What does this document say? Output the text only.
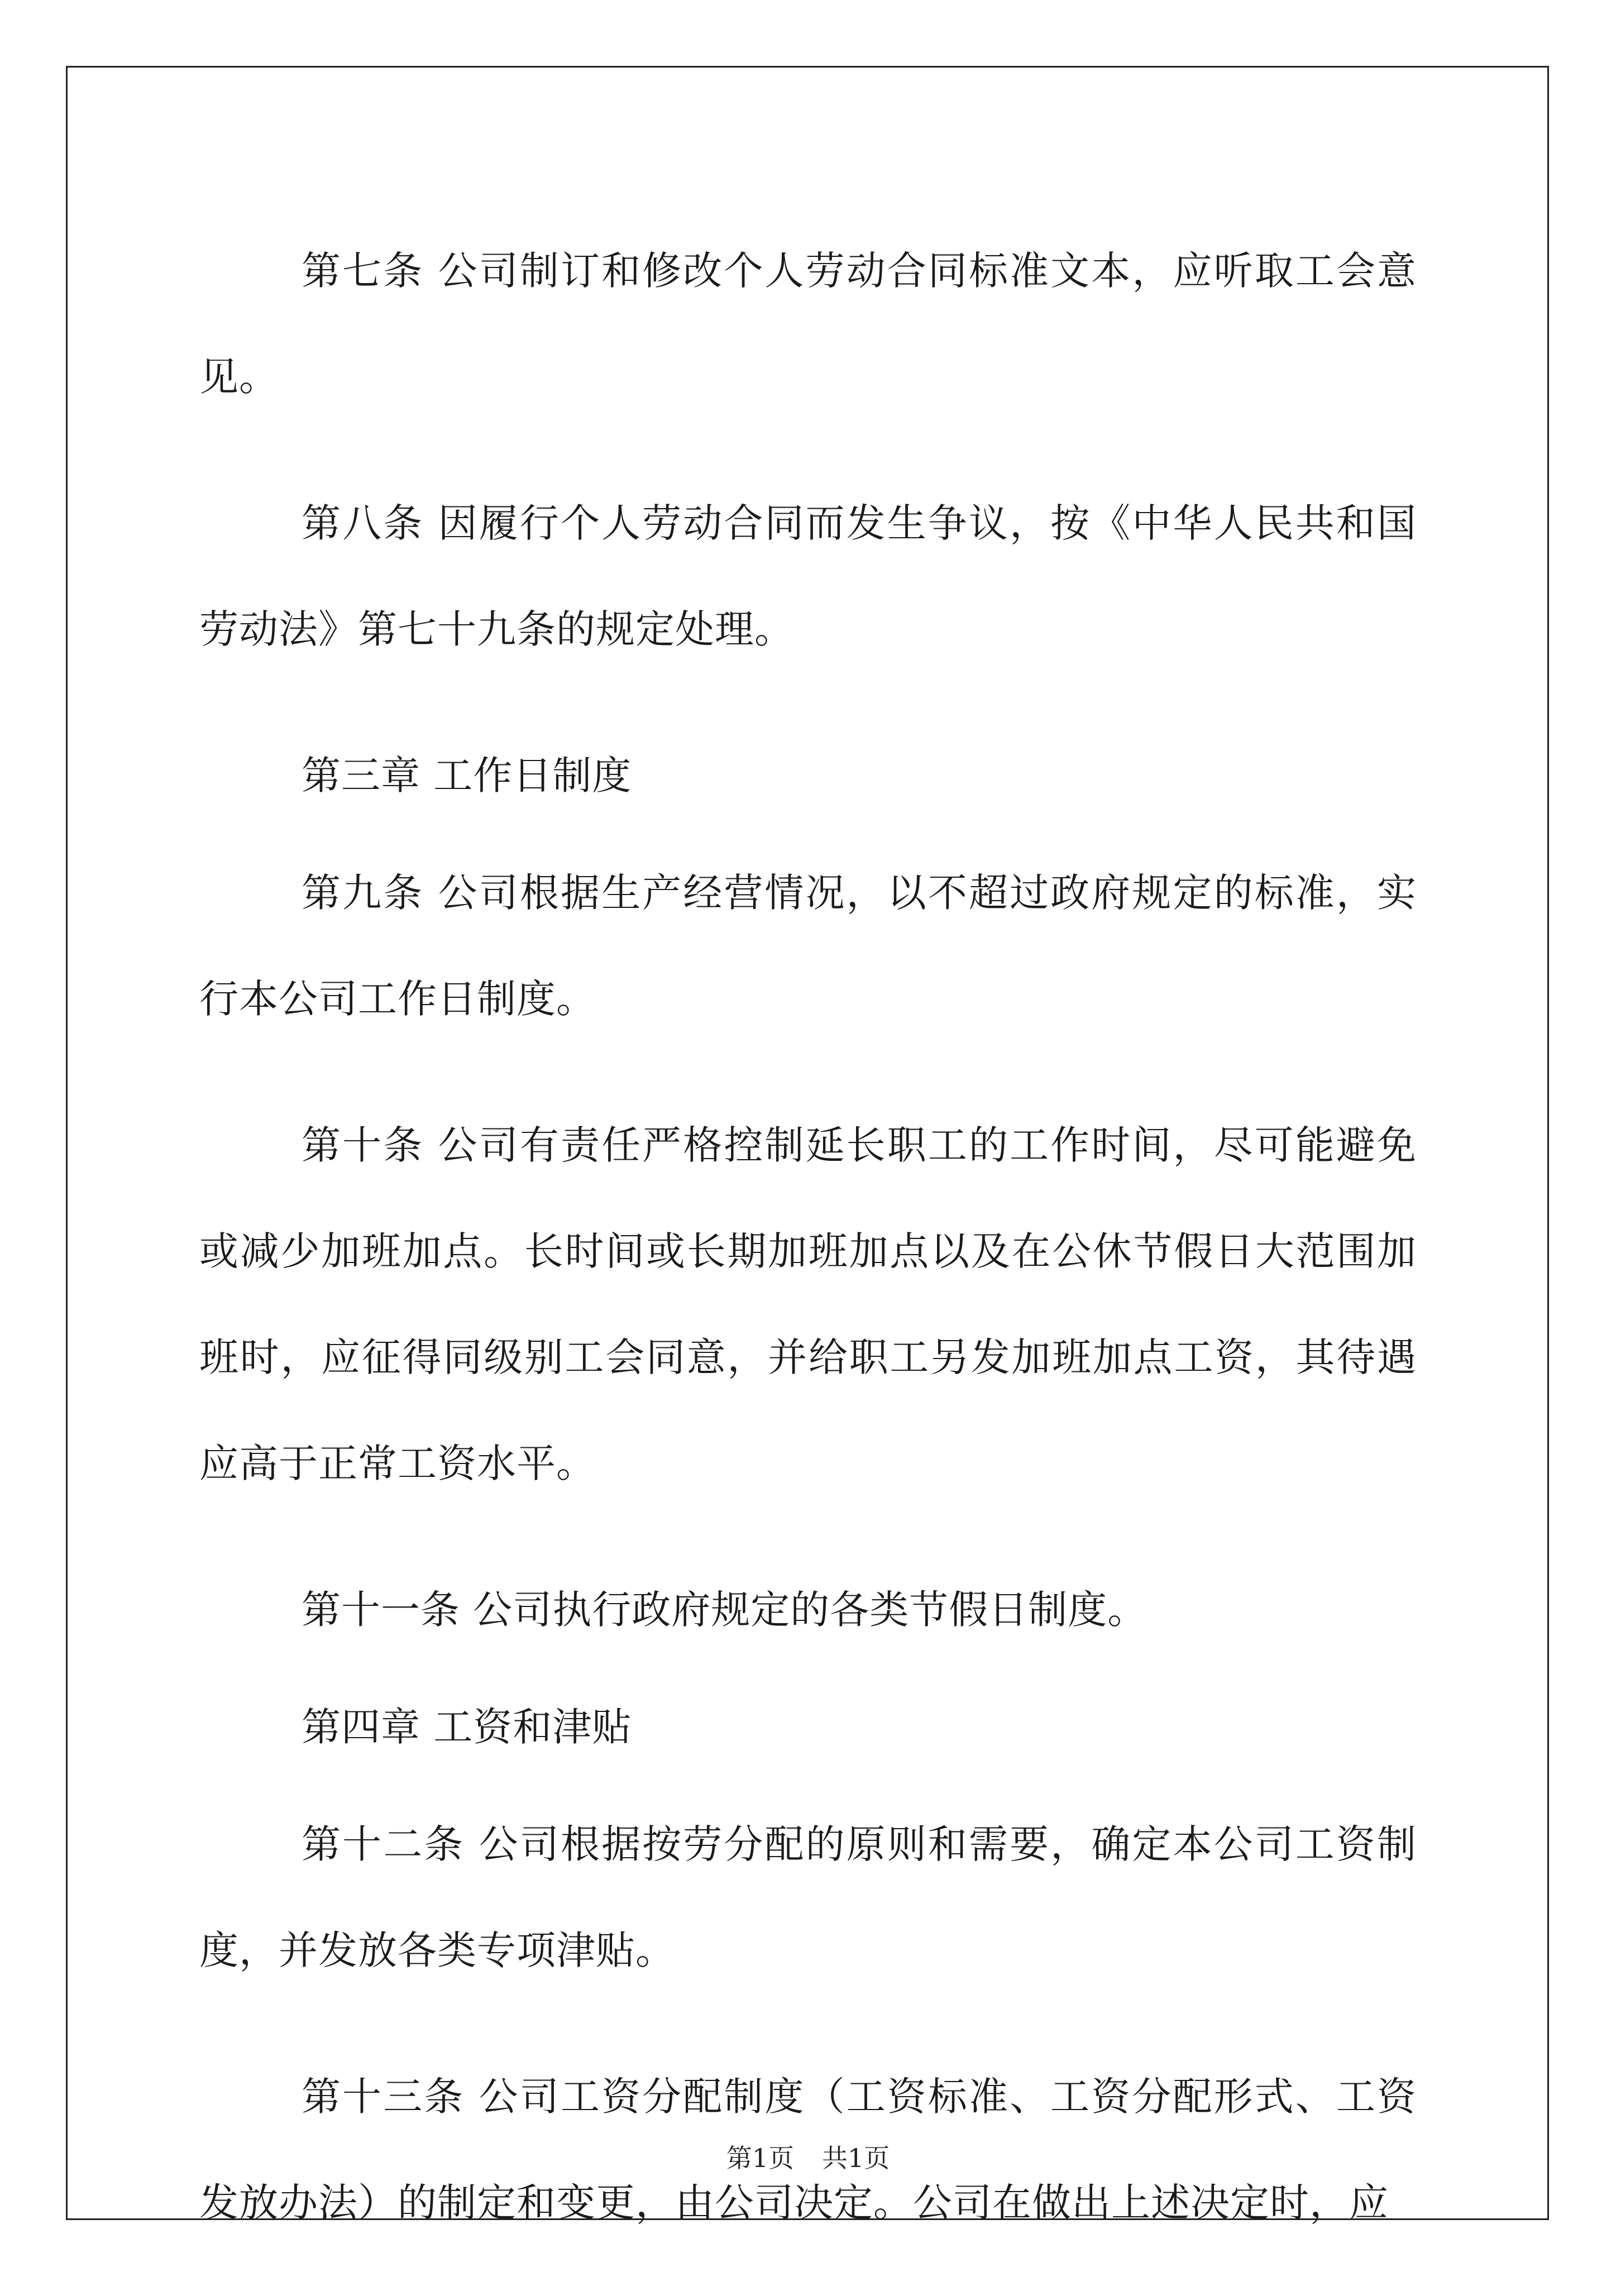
第七条 公司制订和修改个人劳动合同标准文本，应听取工会意见。

第八条 因履行个人劳动合同而发生争议，按《中华人民共和国劳动法》第七十九条的规定处理。

第三章 工作日制度

第九条 公司根据生产经营情况，以不超过政府规定的标准，实行本公司工作日制度。

第十条 公司有责任严格控制延长职工的工作时间，尽可能避免或减少加班加点。长时间或长期加班加点以及在公休节假日大范围加班时，应征得同级别工会同意，并给职工另发加班加点工资，其待遇应高于正常工资水平。

第十一条 公司执行政府规定的各类节假日制度。

第四章 工资和津贴

第十二条 公司根据按劳分配的原则和需要，确定本公司工资制度，并发放各类专项津贴。

第十三条 公司工资分配制度（工资标准、工资分配形式、工资发放办法）的制定和变更，由公司决定。公司在做出上述决定时，应

第1页 共1页
